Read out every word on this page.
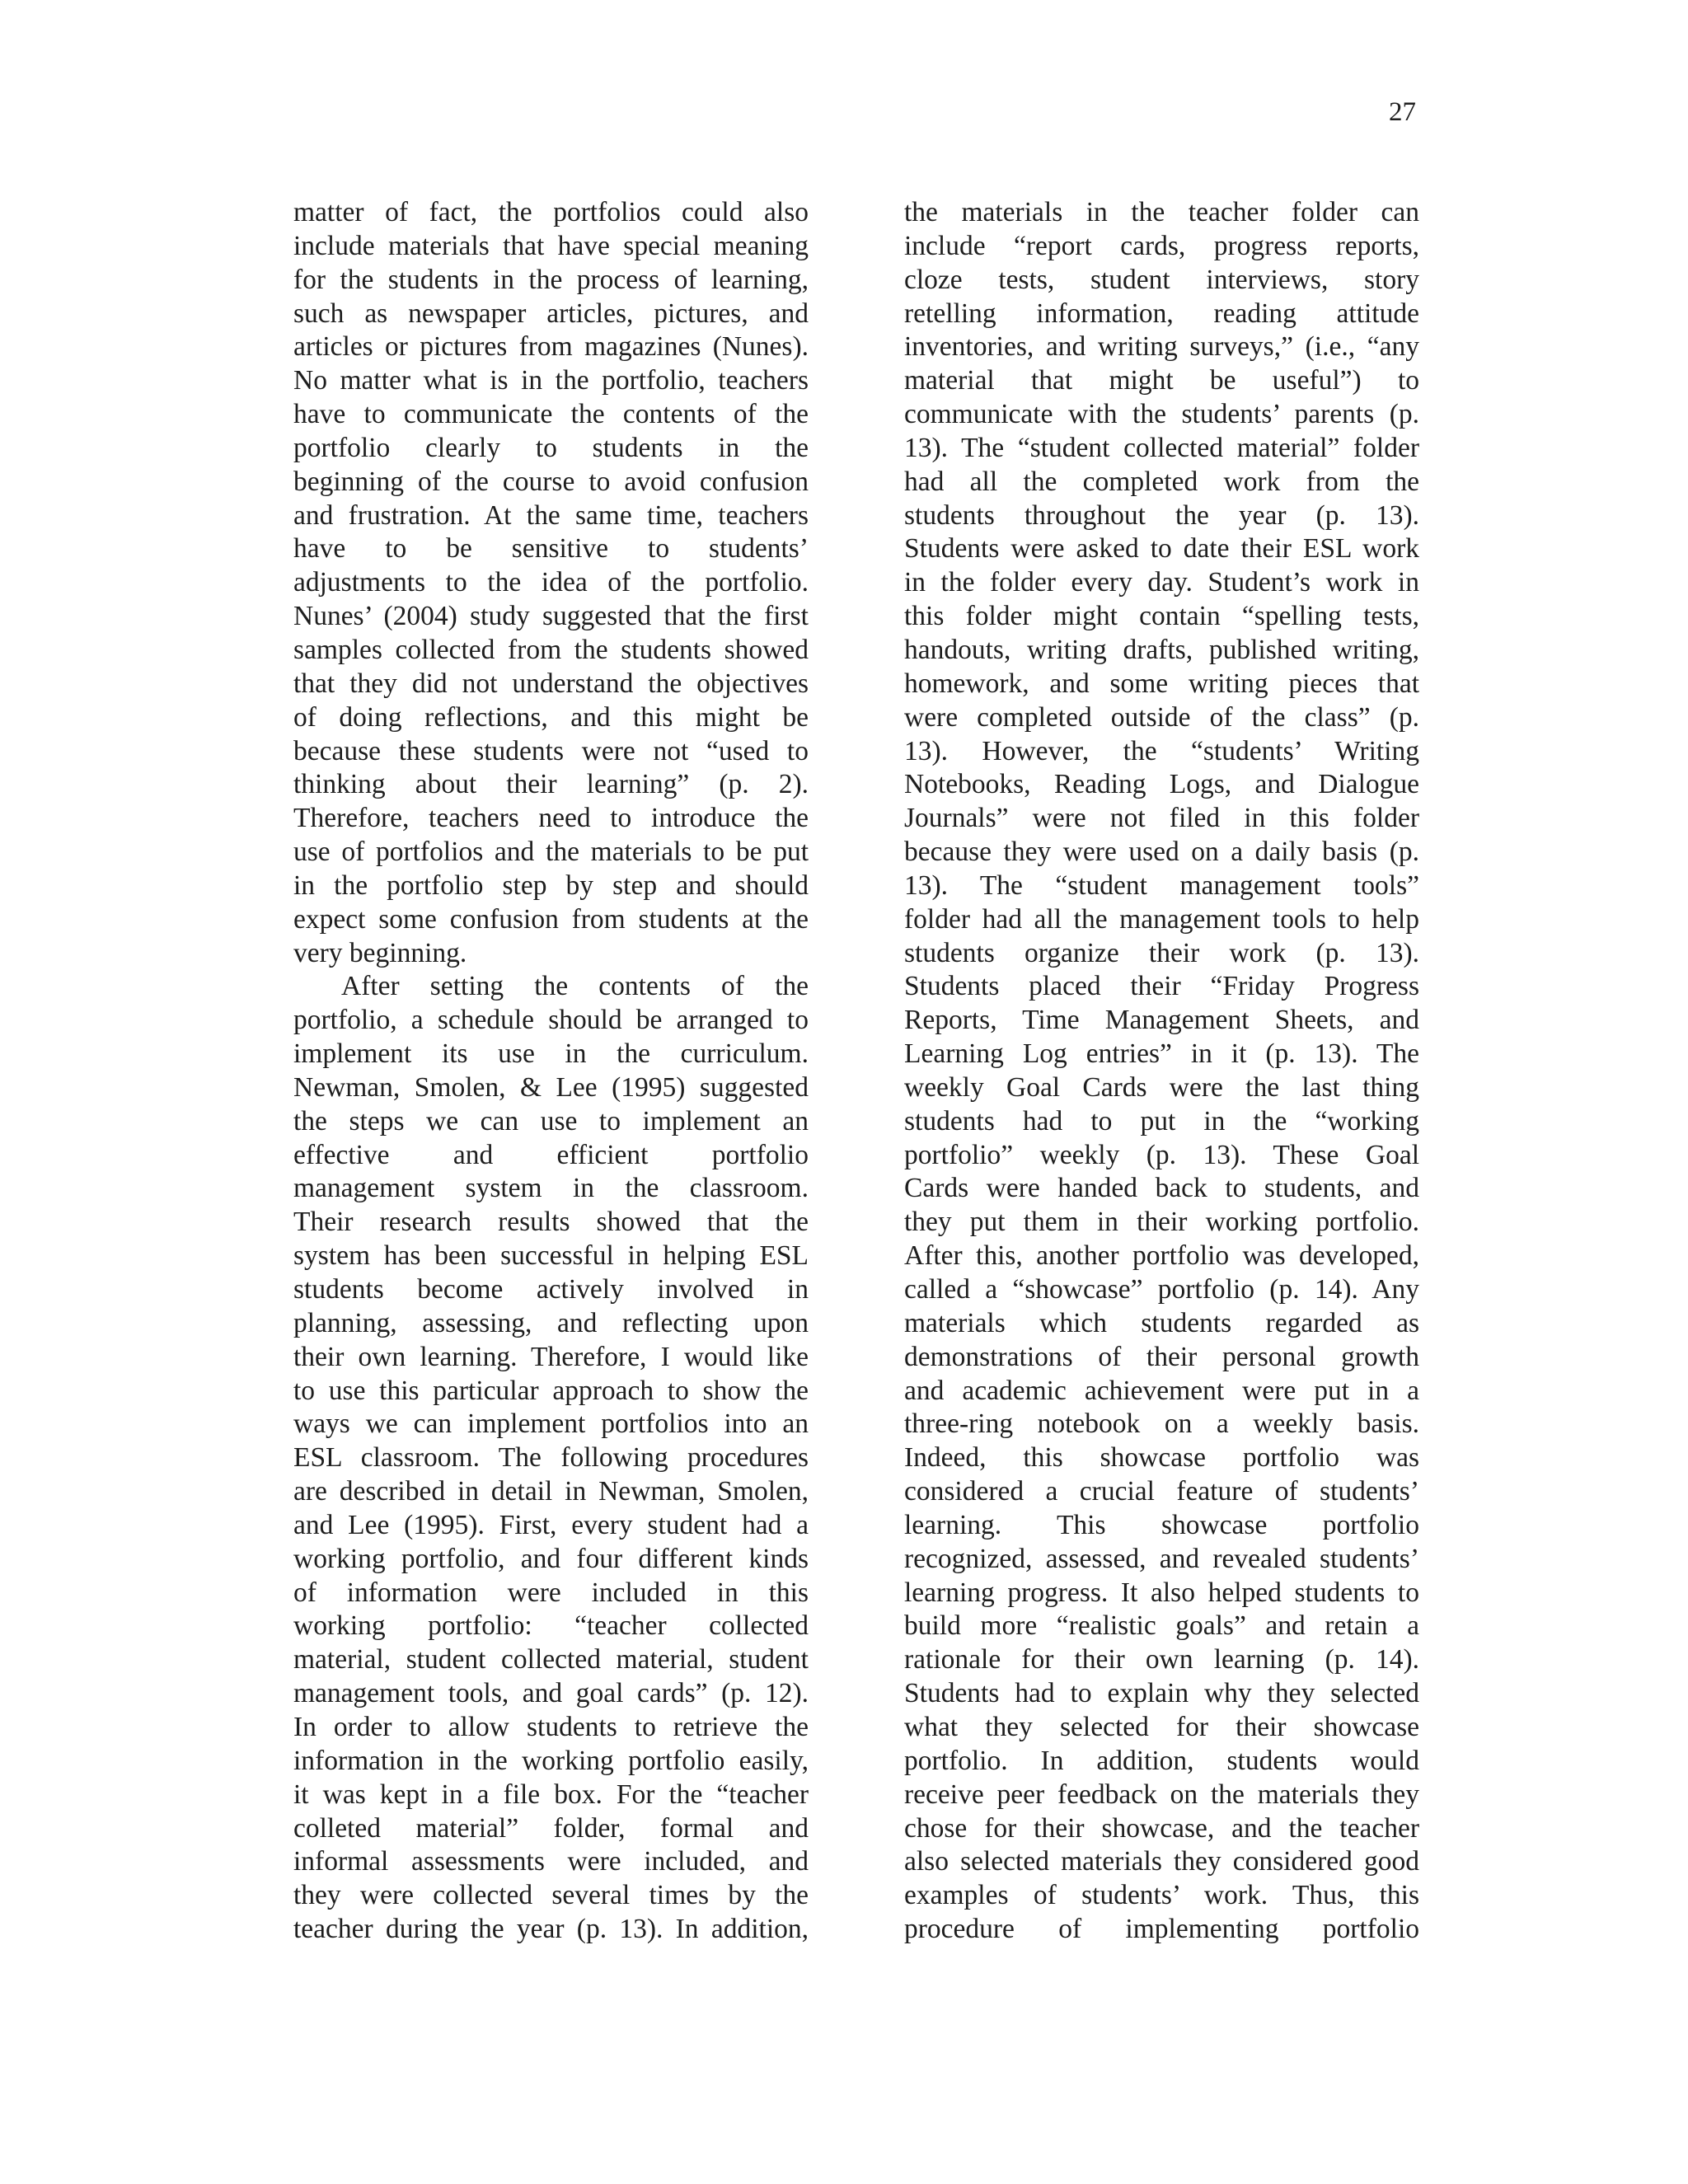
27
matter of fact, the portfolios could also
include materials that have special meaning
for the students in the process of learning,
such as newspaper articles, pictures, and
articles or pictures from magazines (Nunes).
No matter what is in the portfolio, teachers
have to communicate the contents of the
portfolio clearly to students in the
beginning of the course to avoid confusion
and frustration. At the same time, teachers
have to be sensitive to students’
adjustments to the idea of the portfolio.
Nunes’ (2004) study suggested that the first
samples collected from the students showed
that they did not understand the objectives
of doing reflections, and this might be
because these students were not “used to
thinking about their learning” (p. 2).
Therefore, teachers need to introduce the
use of portfolios and the materials to be put
in the portfolio step by step and should
expect some confusion from students at the
very beginning.
After setting the contents of the
portfolio, a schedule should be arranged to
implement its use in the curriculum.
Newman, Smolen, & Lee (1995) suggested
the steps we can use to implement an
effective and efficient portfolio
management system in the classroom.
Their research results showed that the
system has been successful in helping ESL
students become actively involved in
planning, assessing, and reflecting upon
their own learning. Therefore, I would like
to use this particular approach to show the
ways we can implement portfolios into an
ESL classroom. The following procedures
are described in detail in Newman, Smolen,
and Lee (1995). First, every student had a
working portfolio, and four different kinds
of information were included in this
working portfolio: “teacher collected
material, student collected material, student
management tools, and goal cards” (p. 12).
In order to allow students to retrieve the
information in the working portfolio easily,
it was kept in a file box. For the “teacher
colleted material” folder, formal and
informal assessments were included, and
they were collected several times by the
teacher during the year (p. 13). In addition,
the materials in the teacher folder can
include “report cards, progress reports,
cloze tests, student interviews, story
retelling information, reading attitude
inventories, and writing surveys,” (i.e., “any
material that might be useful”) to
communicate with the students’ parents (p.
13). The “student collected material” folder
had all the completed work from the
students throughout the year (p. 13).
Students were asked to date their ESL work
in the folder every day. Student’s work in
this folder might contain “spelling tests,
handouts, writing drafts, published writing,
homework, and some writing pieces that
were completed outside of the class” (p.
13). However, the “students’ Writing
Notebooks, Reading Logs, and Dialogue
Journals” were not filed in this folder
because they were used on a daily basis (p.
13). The “student management tools”
folder had all the management tools to help
students organize their work (p. 13).
Students placed their “Friday Progress
Reports, Time Management Sheets, and
Learning Log entries” in it (p. 13). The
weekly Goal Cards were the last thing
students had to put in the “working
portfolio” weekly (p. 13). These Goal
Cards were handed back to students, and
they put them in their working portfolio.
After this, another portfolio was developed,
called a “showcase” portfolio (p. 14). Any
materials which students regarded as
demonstrations of their personal growth
and academic achievement were put in a
three-ring notebook on a weekly basis.
Indeed, this showcase portfolio was
considered a crucial feature of students’
learning. This showcase portfolio
recognized, assessed, and revealed students’
learning progress. It also helped students to
build more “realistic goals” and retain a
rationale for their own learning (p. 14).
Students had to explain why they selected
what they selected for their showcase
portfolio. In addition, students would
receive peer feedback on the materials they
chose for their showcase, and the teacher
also selected materials they considered good
examples of students’ work. Thus, this
procedure of implementing portfolio
